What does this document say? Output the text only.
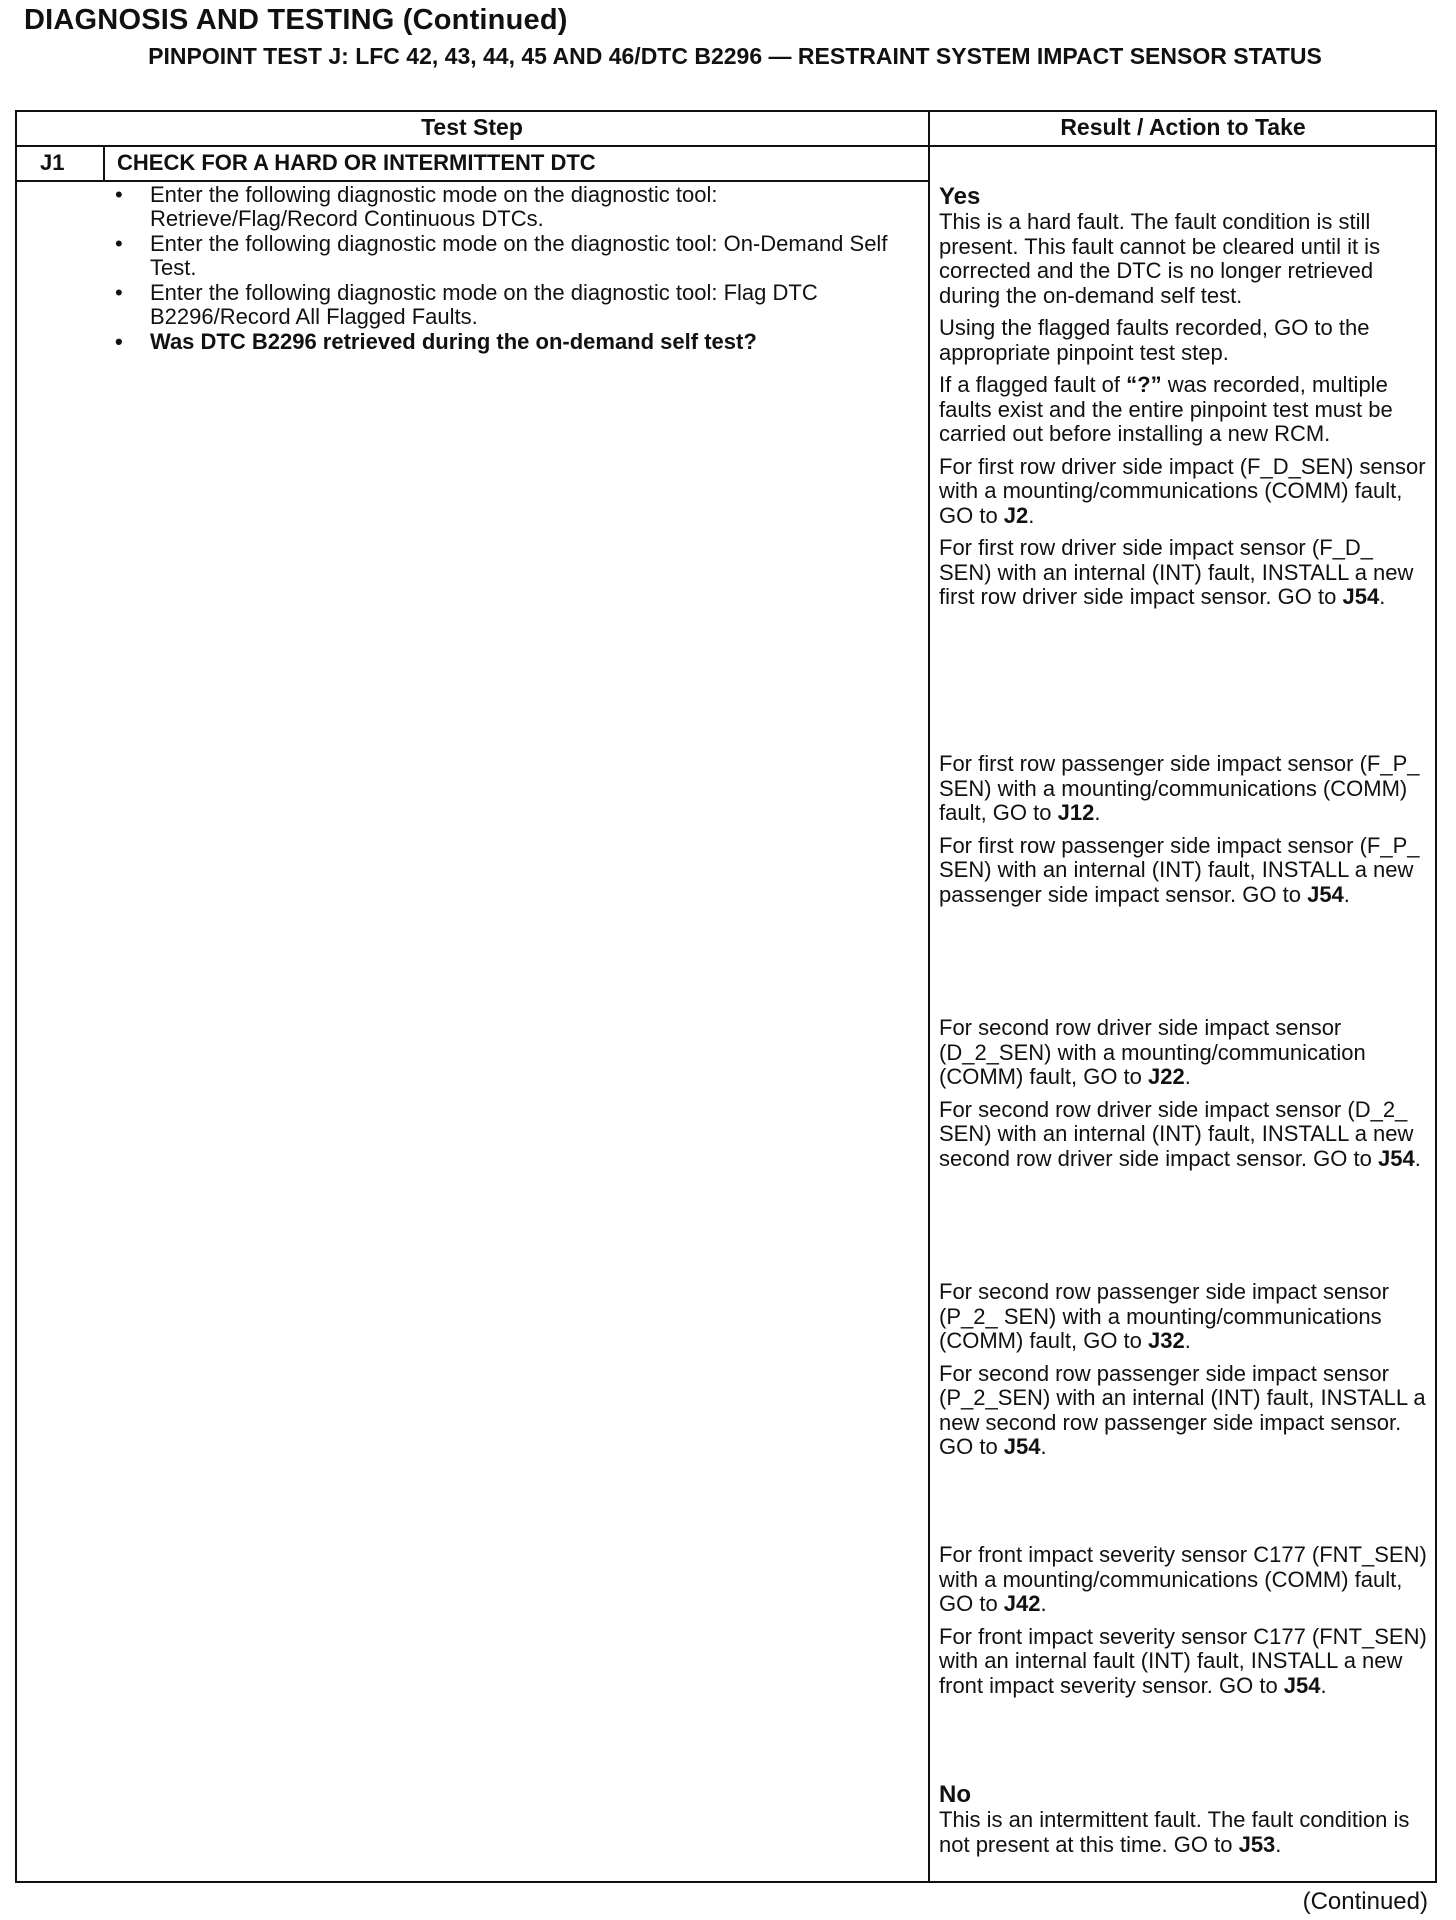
DIAGNOSIS AND TESTING (Continued)
PINPOINT TEST J: LFC 42, 43, 44, 45 AND 46/DTC B2296 — RESTRAINT SYSTEM IMPACT SENSOR STATUS
Test Step	Result / Action to Take
J1 CHECK FOR A HARD OR INTERMITTENT DTC
• Enter the following diagnostic mode on the diagnostic tool: Retrieve/Flag/Record Continuous DTCs.
• Enter the following diagnostic mode on the diagnostic tool: On-Demand Self Test.
• Enter the following diagnostic mode on the diagnostic tool: Flag DTC B2296/Record All Flagged Faults.
• Was DTC B2296 retrieved during the on-demand self test?

Yes

This is a hard fault. The fault condition is still present. This fault cannot be cleared until it is corrected and the DTC is no longer retrieved during the on-demand self test.

Using the flagged faults recorded, GO to the appropriate pinpoint test step.

If a flagged fault of “?” was recorded, multiple faults exist and the entire pinpoint test must be carried out before installing a new RCM.

For first row driver side impact (F_D_SEN) sensor with a mounting/communications (COMM) fault, GO to J2.

For first row driver side impact sensor (F_D_ SEN) with an internal (INT) fault, INSTALL a new first row driver side impact sensor. GO to J54.

For first row passenger side impact sensor (F_P_ SEN) with a mounting/communications (COMM) fault, GO to J12.

For first row passenger side impact sensor (F_P_ SEN) with an internal (INT) fault, INSTALL a new passenger side impact sensor. GO to J54.

For second row driver side impact sensor (D_2_SEN) with a mounting/communication (COMM) fault, GO to J22.

For second row driver side impact sensor (D_2_ SEN) with an internal (INT) fault, INSTALL a new second row driver side impact sensor. GO to J54.

For second row passenger side impact sensor (P_2_ SEN) with a mounting/communications (COMM) fault, GO to J32.

For second row passenger side impact sensor (P_2_SEN) with an internal (INT) fault, INSTALL a new second row passenger side impact sensor. GO to J54.

For front impact severity sensor C177 (FNT_SEN) with a mounting/communications (COMM) fault, GO to J42.

For front impact severity sensor C177 (FNT_SEN) with an internal fault (INT) fault, INSTALL a new front impact severity sensor. GO to J54.

No

This is an intermittent fault. The fault condition is not present at this time. GO to J53.

(Continued)
